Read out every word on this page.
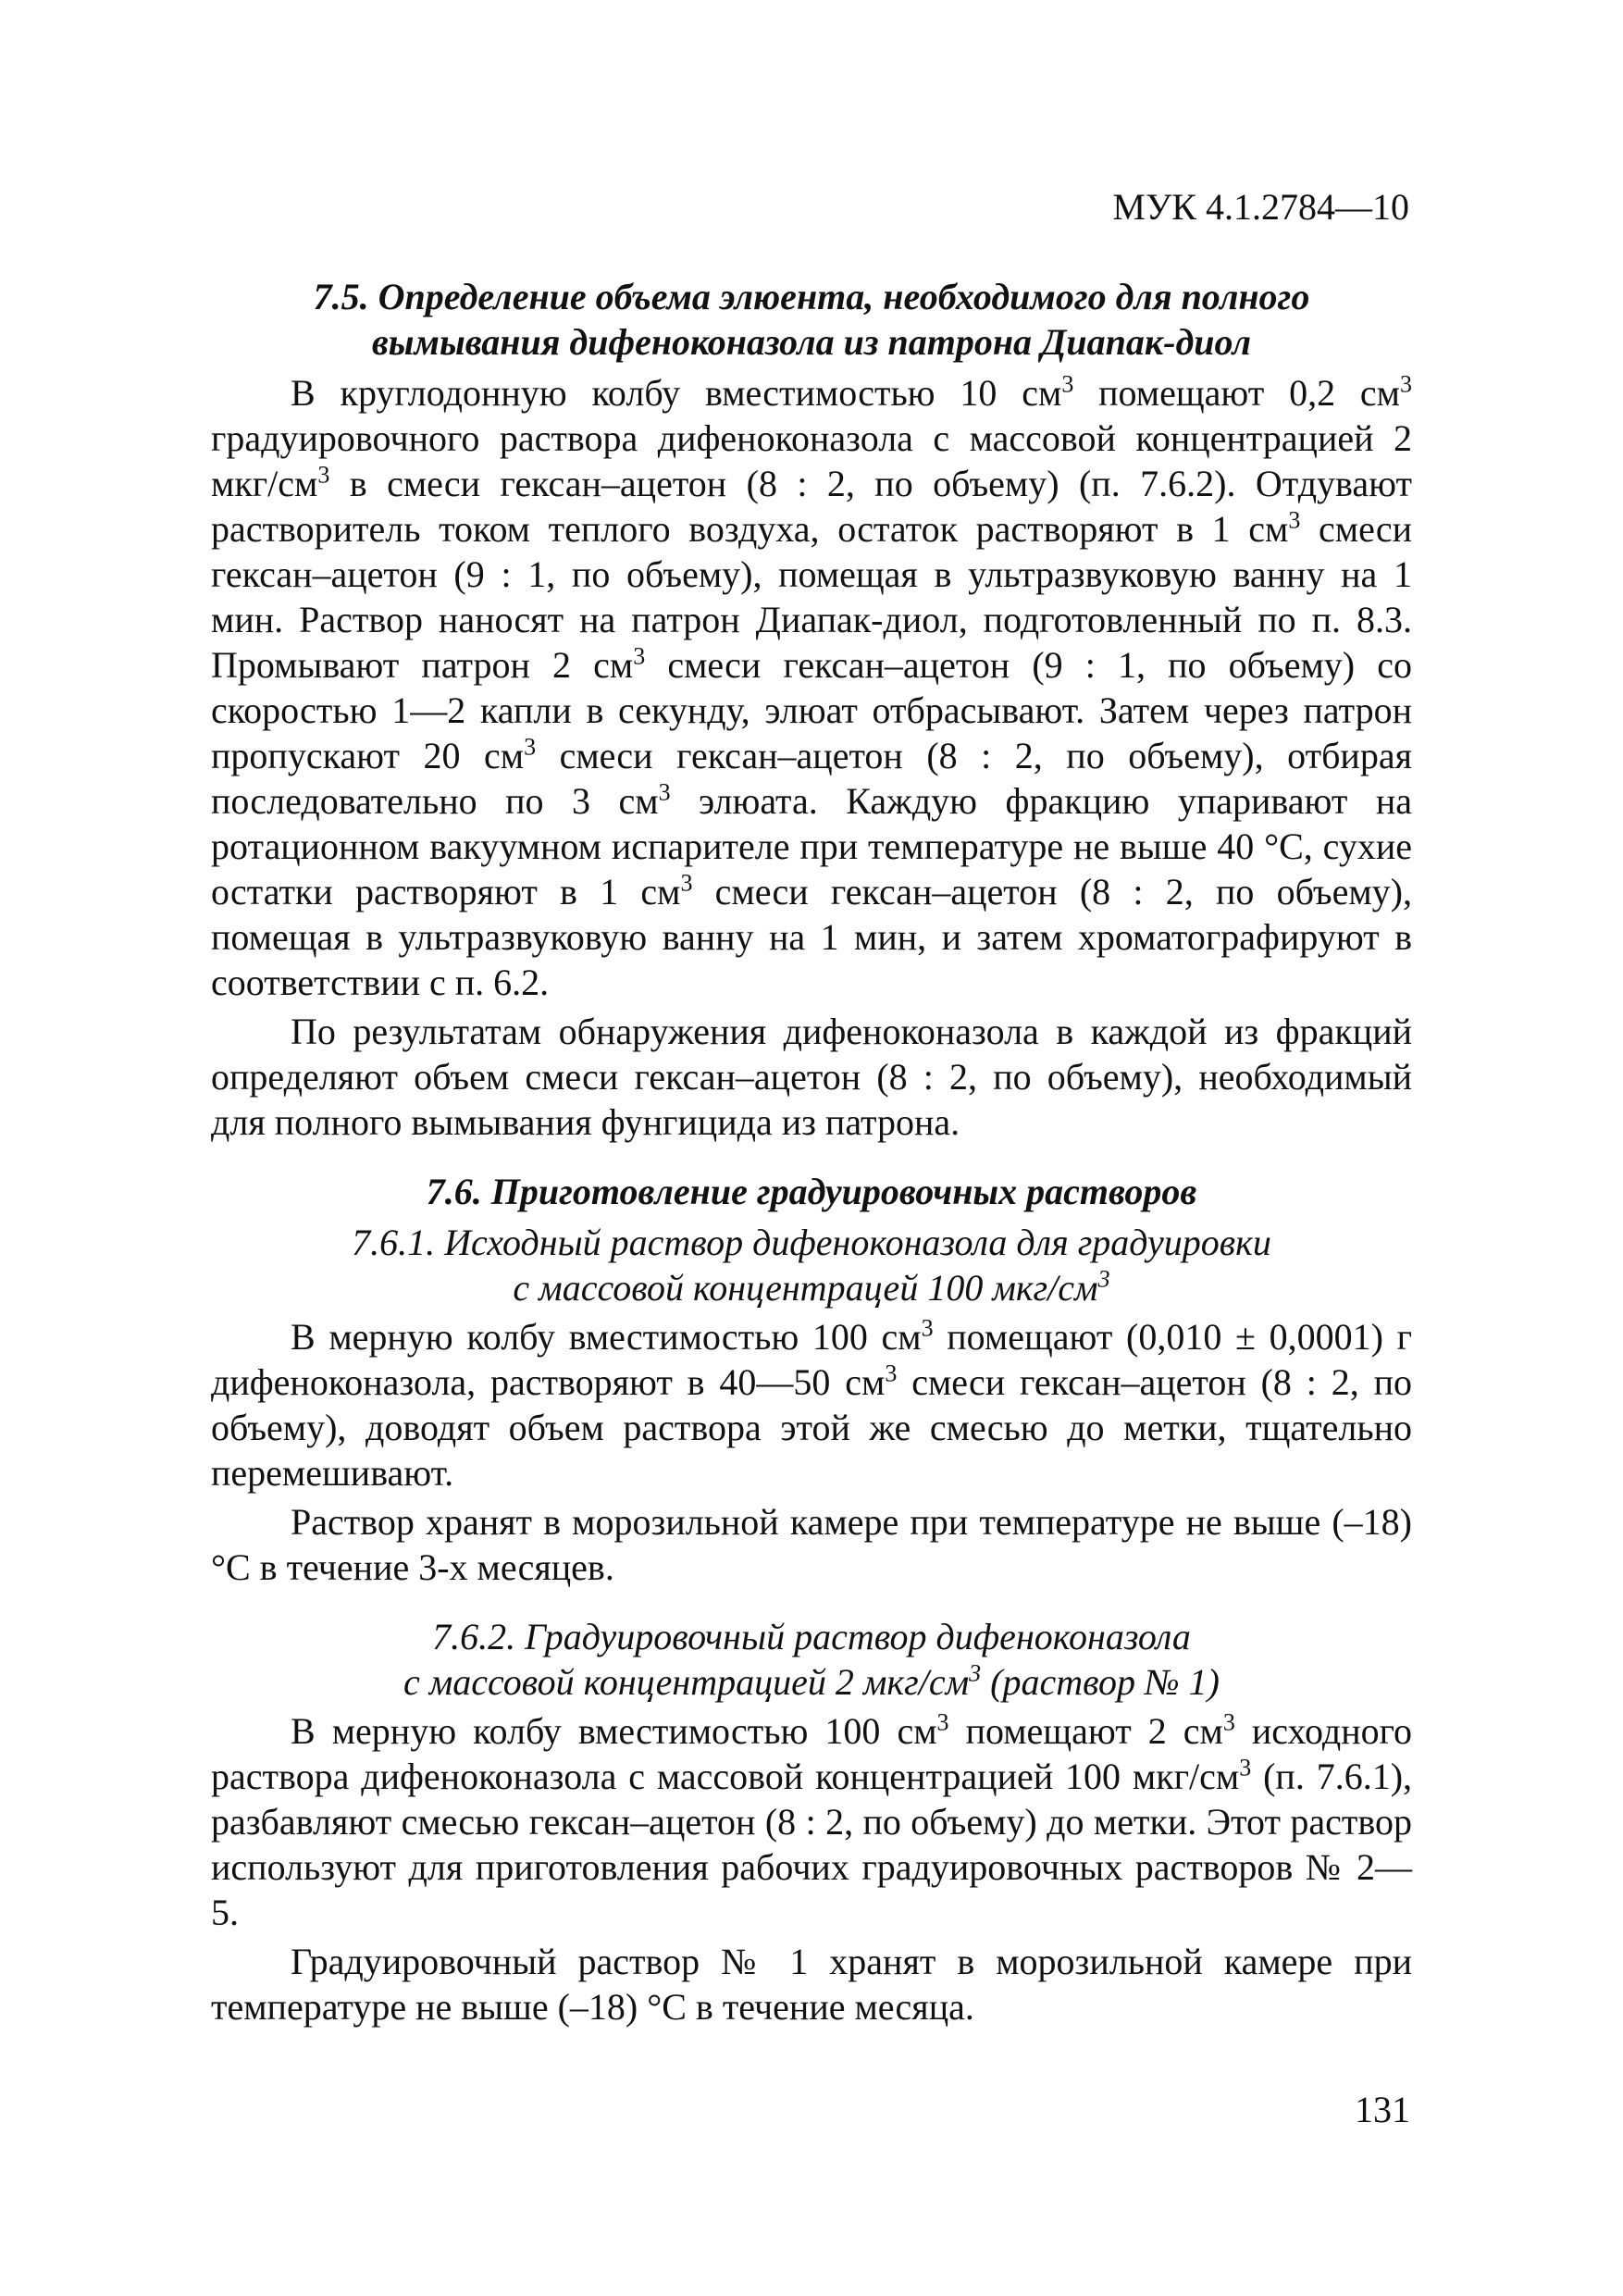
МУК 4.1.2784—10
7.5. Определение объема элюента, необходимого для полного
вымывания дифеноконазола из патрона Диапак-диол

В круглодонную колбу вместимостью 10 $см^3$ помещают 0,2 $см^3$ градуировочного раствора дифеноконазола с массовой концентрацией 2 мкг/$см^3$ в смеси гексан–ацетон (8 : 2, по объему) (п. 7.6.2). Отдувают растворитель током теплого воздуха, остаток растворяют в 1 $см^3$ смеси гексан–ацетон (9 : 1, по объему), помещая в ультразвуковую ванну на 1 мин. Раствор наносят на патрон Диапак-диол, подготовленный по п. 8.3. Промывают патрон 2 $см^3$ смеси гексан–ацетон (9 : 1, по объему) со скоростью 1—2 капли в секунду, элюат отбрасывают. Затем через патрон пропускают 20 $см^3$ смеси гексан–ацетон (8 : 2, по объему), отбирая последовательно по 3 $см^3$ элюата. Каждую фракцию упаривают на ротационном вакуумном испарителе при температуре не выше 40 °С, сухие остатки растворяют в 1 $см^3$ смеси гексан–ацетон (8 : 2, по объему), помещая в ультразвуковую ванну на 1 мин, и затем хроматографируют в соответствии с п. 6.2.

По результатам обнаружения дифеноконазола в каждой из фракций определяют объем смеси гексан–ацетон (8 : 2, по объему), необходимый для полного вымывания фунгицида из патрона.

7.6. Приготовление градуировочных растворов
7.6.1. Исходный раствор дифеноконазола для градуировки
с массовой концентрацей 100 мкг/$см^3$

В мерную колбу вместимостью 100 $см^3$ помещают (0,010 ± 0,0001) г дифеноконазола, растворяют в 40—50 $см^3$ смеси гексан–ацетон (8 : 2, по объему), доводят объем раствора этой же смесью до метки, тщательно перемешивают.

Раствор хранят в морозильной камере при температуре не выше (–18) °С в течение 3-х месяцев.

7.6.2. Градуировочный раствор дифеноконазола
с массовой концентрацией 2 мкг/$см^3$ (раствор № 1)

В мерную колбу вместимостью 100 $см^3$ помещают 2 $см^3$ исходного раствора дифеноконазола с массовой концентрацией 100 мкг/$см^3$ (п. 7.6.1), разбавляют смесью гексан–ацетон (8 : 2, по объему) до метки. Этот раствор используют для приготовления рабочих градуировочных растворов № 2—5.

Градуировочный раствор № 1 хранят в морозильной камере при температуре не выше (–18) °С в течение месяца.

131
